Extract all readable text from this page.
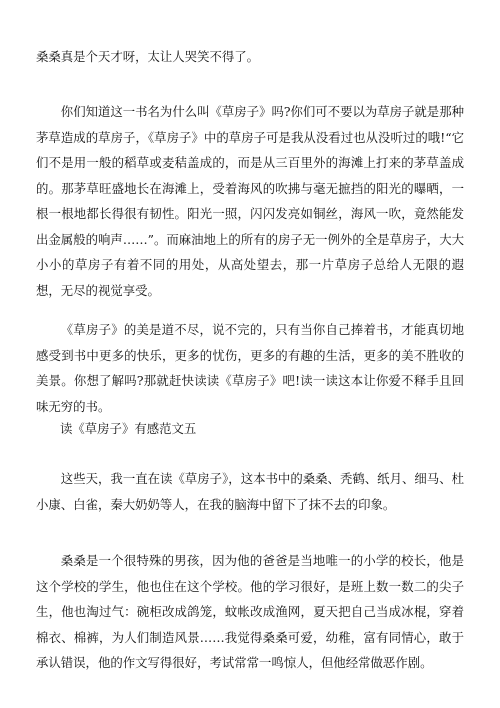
桑桑真是个天才呀，太让人哭笑不得了。

你们知道这一书名为什么叫《草房子》吗?你们可不要以为草房子就是那种茅草造成的草房子，《草房子》中的草房子可是我从没看过也从没听过的哦!“它们不是用一般的稻草或麦秸盖成的，而是从三百里外的海滩上打来的茅草盖成的。那茅草旺盛地长在海滩上，受着海风的吹拂与毫无摭挡的阳光的曝晒，一根一根地都长得很有韧性。阳光一照，闪闪发亮如铜丝，海风一吹，竟然能发出金属般的响声……”。而麻油地上的所有的房子无一例外的全是草房子，大大小小的草房子有着不同的用处，从高处望去，那一片草房子总给人无限的遐想，无尽的视觉享受。

《草房子》的美是道不尽，说不完的，只有当你自己捧着书，才能真切地感受到书中更多的快乐，更多的忧伤，更多的有趣的生活，更多的美不胜收的美景。你想了解吗?那就赶快读读《草房子》吧!读一读这本让你爱不释手且回味无穷的书。

读《草房子》有感范文五

这些天，我一直在读《草房子》，这本书中的桑桑、秃鹤、纸月、细马、杜小康、白雀，秦大奶奶等人，在我的脑海中留下了抹不去的印象。

桑桑是一个很特殊的男孩，因为他的爸爸是当地唯一的小学的校长，他是这个学校的学生，他也住在这个学校。他的学习很好，是班上数一数二的尖子生，他也淘过气：碗柜改成鸽笼，蚊帐改成渔网，夏天把自己当成冰棍，穿着棉衣、棉裤，为人们制造风景……我觉得桑桑可爱，幼稚，富有同情心，敢于承认错误，他的作文写得很好，考试常常一鸣惊人，但他经常做恶作剧。
